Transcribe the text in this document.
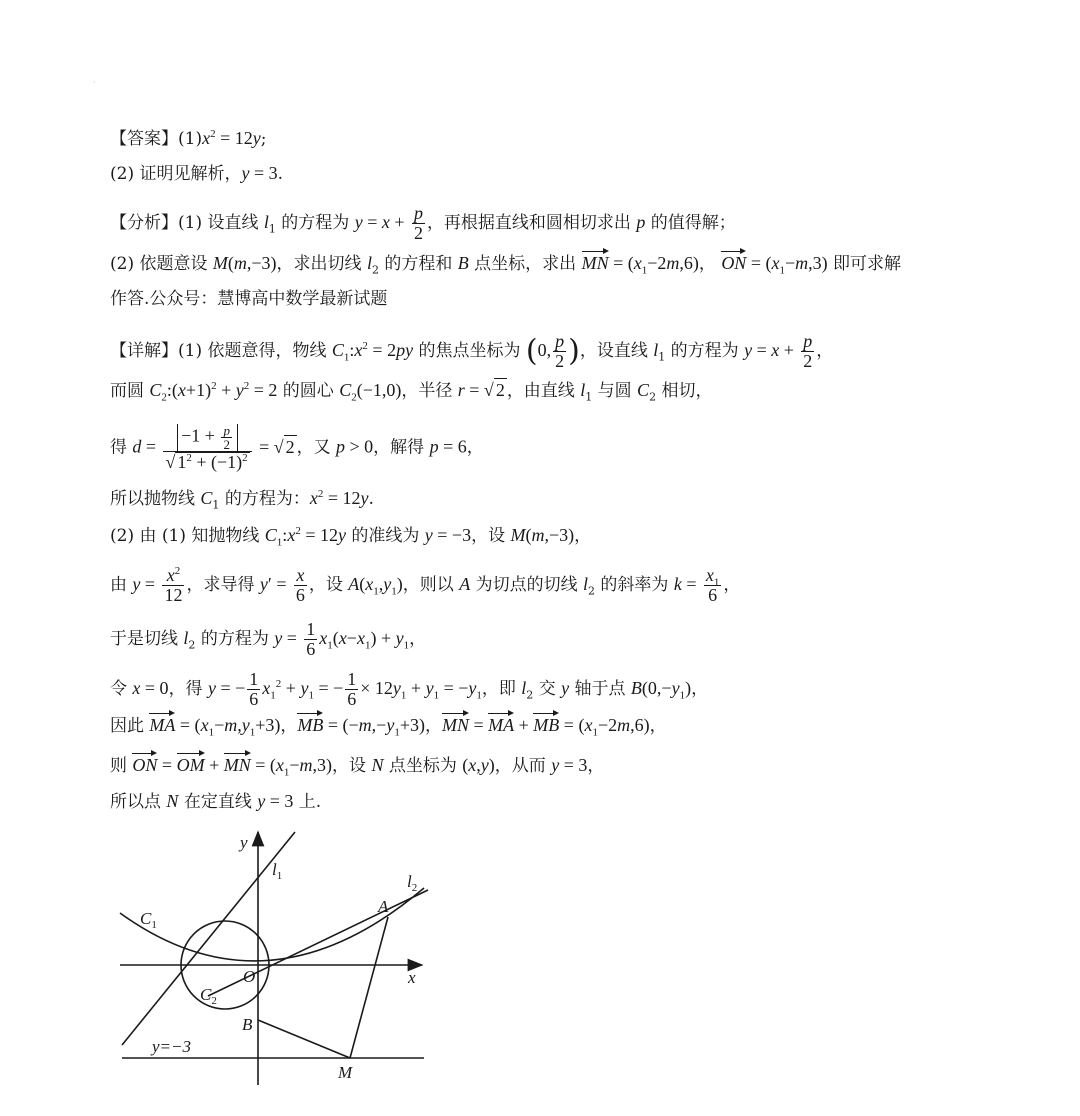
·
【答案】$(1)x^2 = 12y$;
(2) 证明见解析，y = 3.
【分析】(1) 设直线 $l_1$ 的方程为 $y = x + \frac{p}{2}$ ，再根据直线和圆相切求出 p 的值得解；
(2) 依题意设 M(m,−3)，求出切线 $l_2$ 的方程和 B 点坐标，求出 MN = $(x_1-2m,6)$， ON = $(x_1-m,3)$ 即可求解
作答.公众号：慧博高中数学最新试题
【详解】(1) 依题意得，物线 $C_1:x^2 = 2py$ 的焦点坐标为 (0, $\frac{p}{2}$ )，设直线 $l_1$ 的方程为 $y = x + \frac{p}{2}$ ，
而圆 $C_2:(x+1)^2 + y^2 = 2$ 的圆心 $C_2(-1,0)$，半径 r = √ 2 ，由直线 $l_1$ 与圆 $C_2$ 相切，
得 $d = \frac{-1 + \frac{p}{2}}{√ 1^2 + (-1)^2}$ = √ 2 ，又 p > 0，解得 p = 6，
所以抛物线 $C_1$ 的方程为：$x^2 = 12y$.
(2) 由 (1) 知抛物线 $C_1:x^2 = 12y$ 的准线为 y = −3，设 M(m,−3)，
由 $y = \frac{x^2}{12}$ ，求导得 $y' = \frac{x}{6}$ ，设 $A(x_1,y_1)$，则以 A 为切点的切线 $l_2$ 的斜率为 $k = \frac{x_1}{6}$ ，
于是切线 $l_2$ 的方程为 $y = \frac{1}{6} x_1(x-x_1) + y_1$，
令 x = 0，得 y = − $\frac{1}{6} x_1^2 + y_1$ = − $\frac{1}{6} \times 12y_1 + y_1 = -y_1$，即 $l_2$ 交 y 轴于点 $B(0,-y_1)$，
因此 MA = $(x_1-m,y_1+3)$，MB = $(-m,-y_1+3)$，MN = MA + MB = $(x_1-2m,6)$，
则 ON = OM + MN = $(x_1-m,3)$，设 N 点坐标为 (x,y)，从而 y = 3，
所以点 N 在定直线 y = 3 上.
y
x
$l_1$	$l_2$
$C_1$
$C_2$
O
A
B
M
y=−3
